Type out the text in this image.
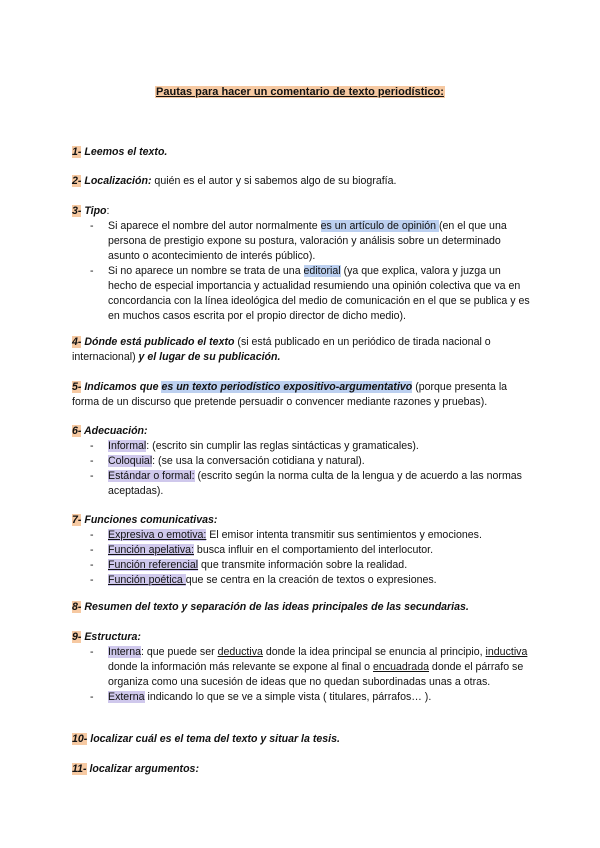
Pautas para hacer un comentario de texto periodístico:
1- Leemos el texto.
2- Localización: quién es el autor y si sabemos algo de su biografía.
3- Tipo:
- Si aparece el nombre del autor normalmente es un artículo de opinión (en el que una persona de prestigio expone su postura, valoración y análisis sobre un determinado asunto o acontecimiento de interés público).
- Si no aparece un nombre se trata de una editorial (ya que explica, valora y juzga un hecho de especial importancia y actualidad resumiendo una opinión colectiva que va en concordancia con la línea ideológica del medio de comunicación en el que se publica y es en muchos casos escrita por el propio director de dicho medio).
4- Dónde está publicado el texto (si está publicado en un periódico de tirada nacional o internacional) y el lugar de su publicación.
5- Indicamos que es un texto periodístico expositivo-argumentativo (porque presenta la forma de un discurso que pretende persuadir o convencer mediante razones y pruebas).
6- Adecuación:
- Informal: (escrito sin cumplir las reglas sintácticas y gramaticales).
- Coloquial: (se usa la conversación cotidiana y natural).
- Estándar o formal: (escrito según la norma culta de la lengua y de acuerdo a las normas aceptadas).
7- Funciones comunicativas:
- Expresiva o emotiva: El emisor intenta transmitir sus sentimientos y emociones.
- Función apelativa: busca influir en el comportamiento del interlocutor.
- Función referencial que transmite información sobre la realidad.
- Función poética que se centra en la creación de textos o expresiones.
8- Resumen del texto y separación de las ideas principales de las secundarias.
9- Estructura:
- Interna: que puede ser deductiva donde la idea principal se enuncia al principio, inductiva donde la información más relevante se expone al final o encuadrada donde el párrafo se organiza como una sucesión de ideas que no quedan subordinadas unas a otras.
- Externa indicando lo que se ve a simple vista ( titulares, párrafos… ).
10- localizar cuál es el tema del texto y situar la tesis.
11- localizar argumentos:
